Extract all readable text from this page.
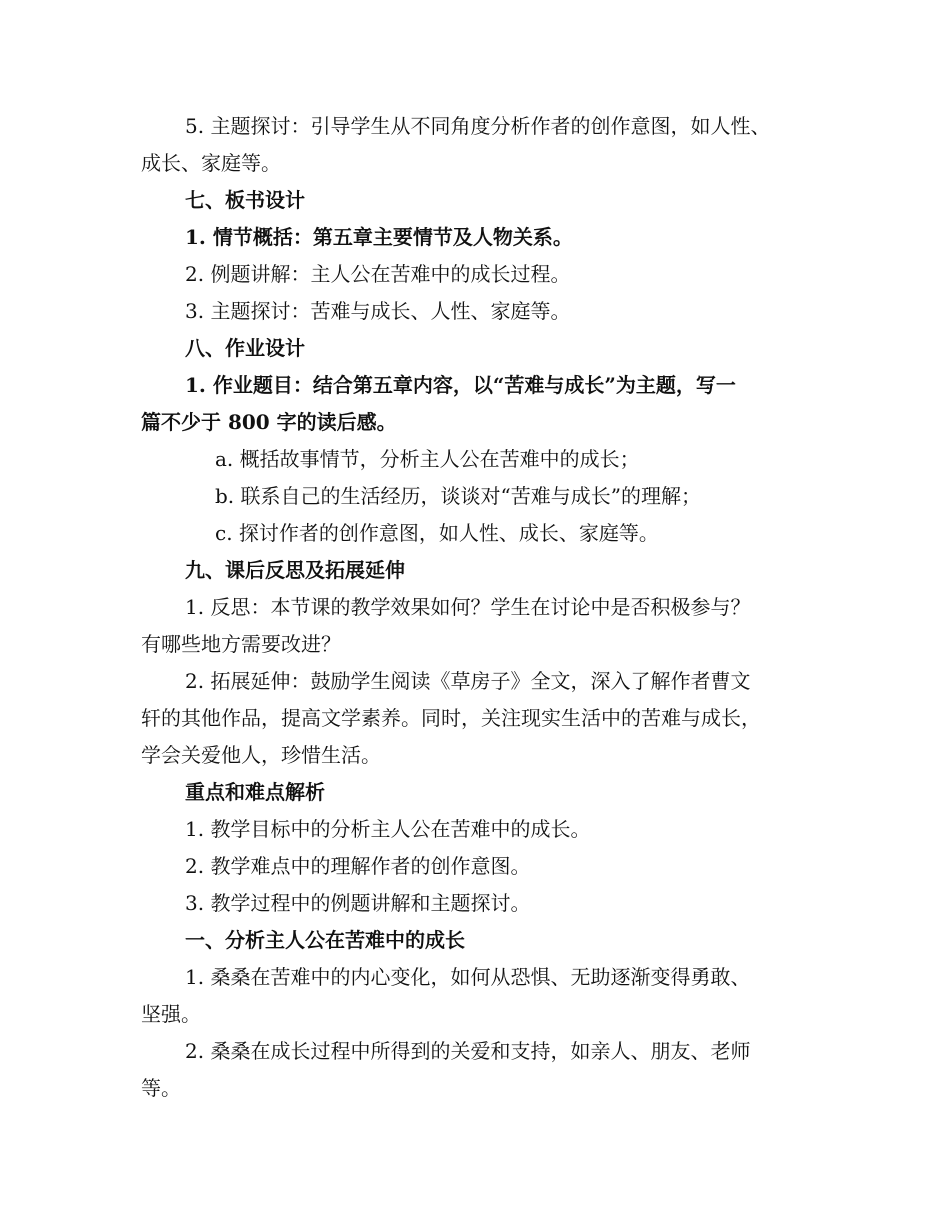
5. 主题探讨：引导学生从不同角度分析作者的创作意图，如人性、
成长、家庭等。
七、板书设计
1. 情节概括：第五章主要情节及人物关系。
2. 例题讲解：主人公在苦难中的成长过程。
3. 主题探讨：苦难与成长、人性、家庭等。
八、作业设计
1. 作业题目：结合第五章内容，以“苦难与成长”为主题，写一
篇不少于 800 字的读后感。
a. 概括故事情节，分析主人公在苦难中的成长；
b. 联系自己的生活经历，谈谈对“苦难与成长”的理解；
c. 探讨作者的创作意图，如人性、成长、家庭等。
九、课后反思及拓展延伸
1. 反思：本节课的教学效果如何？学生在讨论中是否积极参与？
有哪些地方需要改进？
2. 拓展延伸：鼓励学生阅读《草房子》全文，深入了解作者曹文
轩的其他作品，提高文学素养。同时，关注现实生活中的苦难与成长，
学会关爱他人，珍惜生活。
重点和难点解析
1. 教学目标中的分析主人公在苦难中的成长。
2. 教学难点中的理解作者的创作意图。
3. 教学过程中的例题讲解和主题探讨。
一、分析主人公在苦难中的成长
1. 桑桑在苦难中的内心变化，如何从恐惧、无助逐渐变得勇敢、
坚强。
2. 桑桑在成长过程中所得到的关爱和支持，如亲人、朋友、老师
等。
